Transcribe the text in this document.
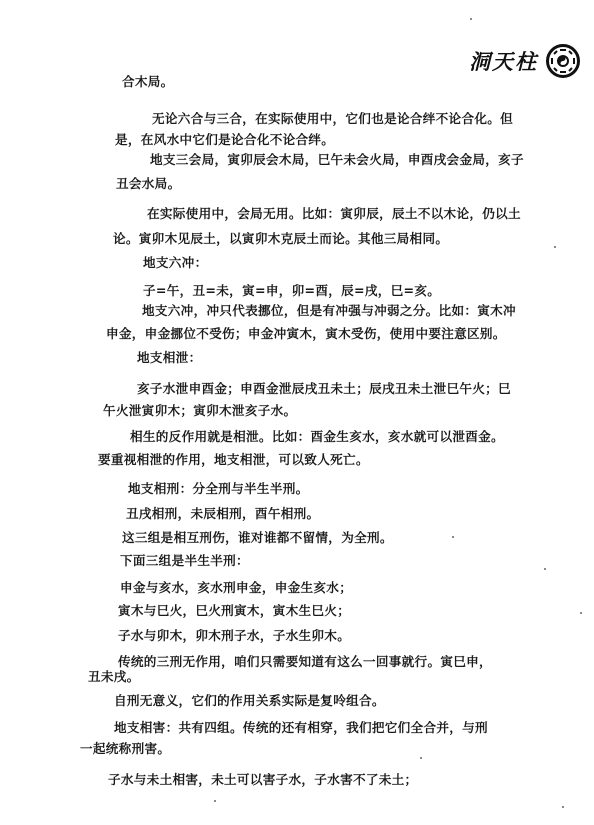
洞天柱
合木局。
无论六合与三合，在实际使用中，它们也是论合绊不论合化。但
是，在风水中它们是论合化不论合绊。
地支三会局，寅卯辰会木局，巳午未会火局，申酉戌会金局，亥子
丑会水局。
在实际使用中，会局无用。比如：寅卯辰，辰土不以木论，仍以土
论。寅卯木见辰土，以寅卯木克辰土而论。其他三局相同。
地支六冲：
子=午，丑=未，寅=申，卯=酉，辰=戌，巳=亥。
地支六冲，冲只代表挪位，但是有冲强与冲弱之分。比如：寅木冲
申金，申金挪位不受伤；申金冲寅木，寅木受伤，使用中要注意区别。
地支相泄：
亥子水泄申酉金；申酉金泄辰戌丑未土；辰戌丑未土泄巳午火；巳
午火泄寅卯木；寅卯木泄亥子水。
相生的反作用就是相泄。比如：酉金生亥水，亥水就可以泄酉金。
要重视相泄的作用，地支相泄，可以致人死亡。
地支相刑：分全刑与半生半刑。
丑戌相刑，未辰相刑，酉午相刑。
这三组是相互刑伤，谁对谁都不留情，为全刑。
下面三组是半生半刑：
申金与亥水，亥水刑申金，申金生亥水；
寅木与巳火，巳火刑寅木，寅木生巳火；
子水与卯木，卯木刑子水，子水生卯木。
传统的三刑无作用，咱们只需要知道有这么一回事就行。寅巳申，
丑未戌。
自刑无意义，它们的作用关系实际是复呤组合。
地支相害：共有四组。传统的还有相穿，我们把它们全合并，与刑
一起统称刑害。
子水与未土相害，未土可以害子水，子水害不了未土；
